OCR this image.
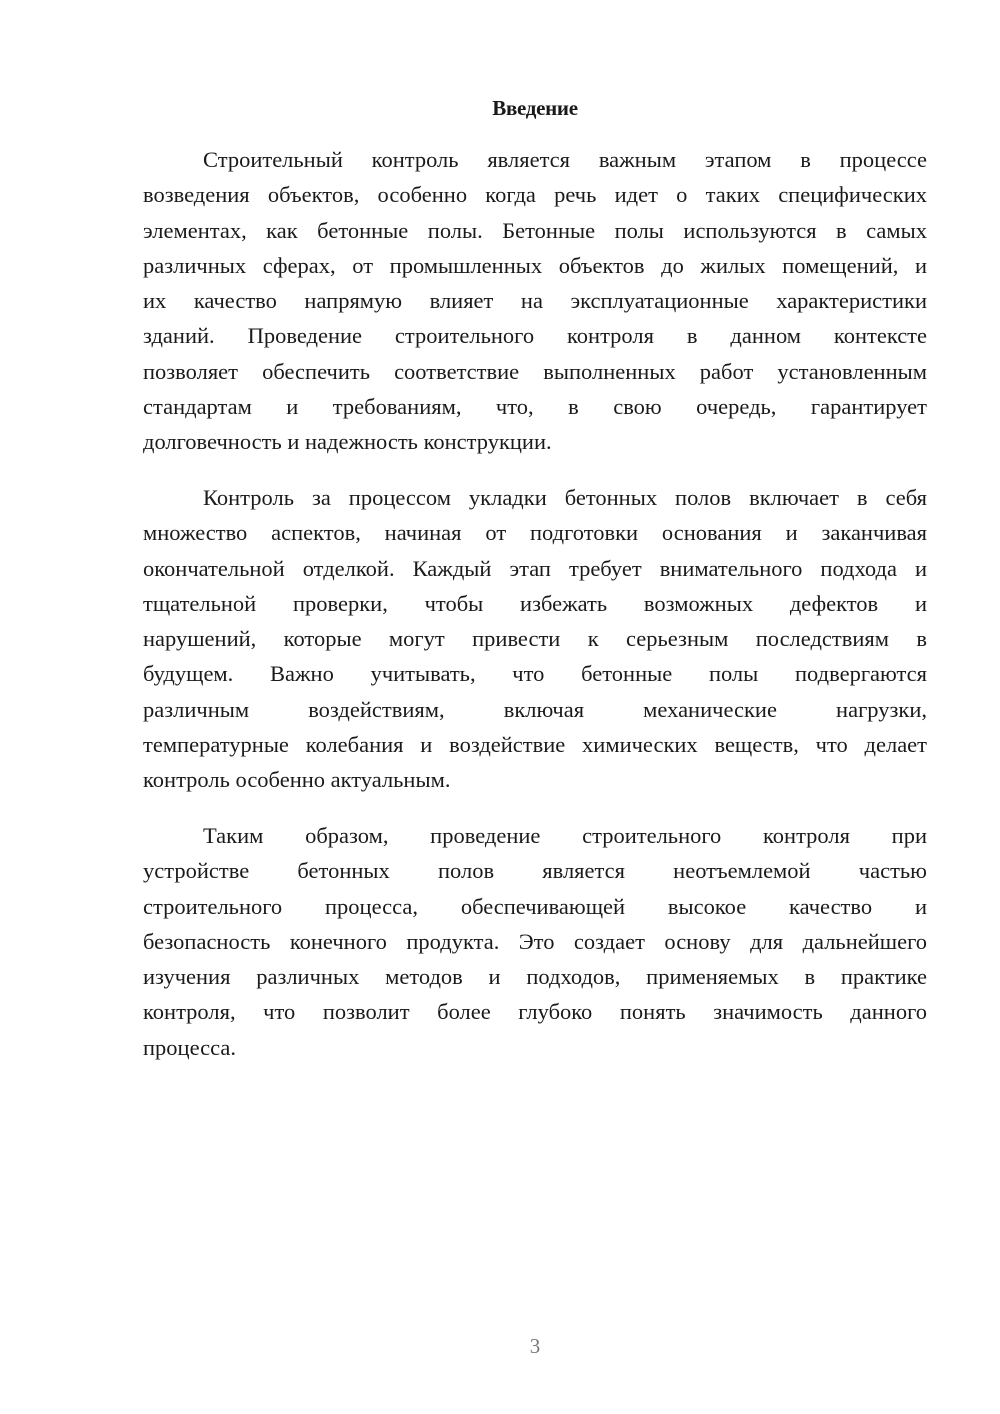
Введение
Строительный контроль является важным этапом в процессе
возведения объектов, особенно когда речь идет о таких специфических
элементах, как бетонные полы. Бетонные полы используются в самых
различных сферах, от промышленных объектов до жилых помещений, и
их качество напрямую влияет на эксплуатационные характеристики
зданий. Проведение строительного контроля в данном контексте
позволяет обеспечить соответствие выполненных работ установленным
стандартам и требованиям, что, в свою очередь, гарантирует
долговечность и надежность конструкции.
Контроль за процессом укладки бетонных полов включает в себя
множество аспектов, начиная от подготовки основания и заканчивая
окончательной отделкой. Каждый этап требует внимательного подхода и
тщательной проверки, чтобы избежать возможных дефектов и
нарушений, которые могут привести к серьезным последствиям в
будущем. Важно учитывать, что бетонные полы подвергаются
различным воздействиям, включая механические нагрузки,
температурные колебания и воздействие химических веществ, что делает
контроль особенно актуальным.
Таким образом, проведение строительного контроля при
устройстве бетонных полов является неотъемлемой частью
строительного процесса, обеспечивающей высокое качество и
безопасность конечного продукта. Это создает основу для дальнейшего
изучения различных методов и подходов, применяемых в практике
контроля, что позволит более глубоко понять значимость данного
процесса.
3
